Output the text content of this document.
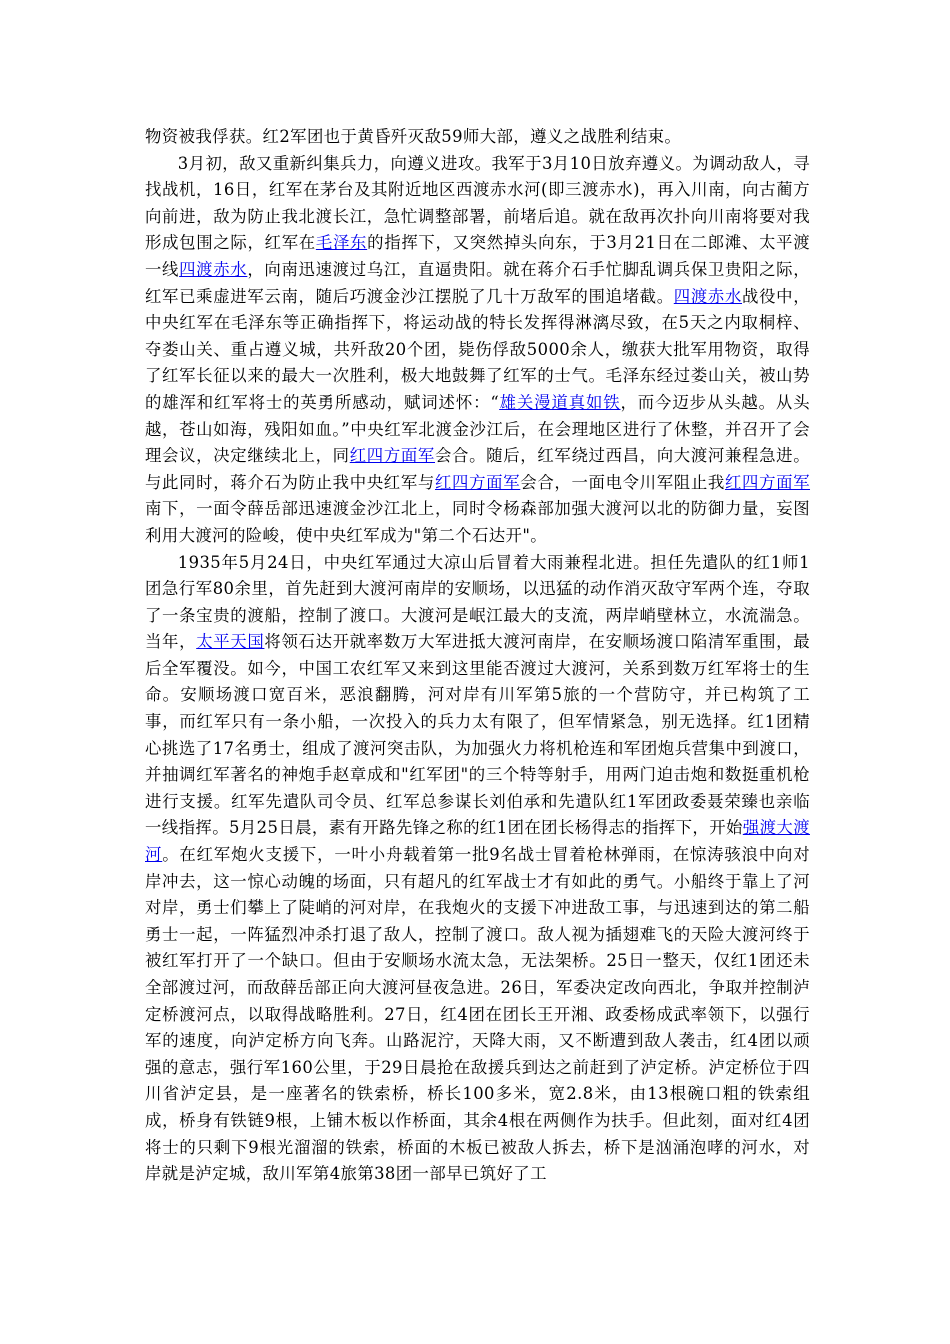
物资被我俘获。红2军团也于黄昏歼灭敌59师大部，遵义之战胜利结束。

3月初，敌又重新纠集兵力，向遵义进攻。我军于3月10日放弃遵义。为调动敌人，寻找战机，16日，红军在茅台及其附近地区西渡赤水河(即三渡赤水)，再入川南，向古蔺方向前进，敌为防止我北渡长江，急忙调整部署，前堵后追。就在敌再次扑向川南将要对我形成包围之际，红军在毛泽东的指挥下，又突然掉头向东，于3月21日在二郎滩、太平渡一线四渡赤水，向南迅速渡过乌江，直逼贵阳。就在蒋介石手忙脚乱调兵保卫贵阳之际，红军已乘虚进军云南，随后巧渡金沙江摆脱了几十万敌军的围追堵截。四渡赤水战役中，中央红军在毛泽东等正确指挥下，将运动战的特长发挥得淋漓尽致，在5天之内取桐梓、夺娄山关、重占遵义城，共歼敌20个团，毙伤俘敌5000余人，缴获大批军用物资，取得了红军长征以来的最大一次胜利，极大地鼓舞了红军的士气。毛泽东经过娄山关，被山势的雄浑和红军将士的英勇所感动，赋词述怀：“雄关漫道真如铁，而今迈步从头越。从头越，苍山如海，残阳如血。”中央红军北渡金沙江后，在会理地区进行了休整，并召开了会理会议，决定继续北上，同红四方面军会合。随后，红军绕过西昌，向大渡河兼程急进。与此同时，蒋介石为防止我中央红军与红四方面军会合，一面电令川军阻止我红四方面军南下，一面令薛岳部迅速渡金沙江北上，同时令杨森部加强大渡河以北的防御力量，妄图利用大渡河的险峻，使中央红军成为"第二个石达开"。

1935年5月24日，中央红军通过大凉山后冒着大雨兼程北进。担任先遣队的红1师1团急行军80余里，首先赶到大渡河南岸的安顺场，以迅猛的动作消灭敌守军两个连，夺取了一条宝贵的渡船，控制了渡口。大渡河是岷江最大的支流，两岸峭壁林立，水流湍急。当年，太平天国将领石达开就率数万大军进抵大渡河南岸，在安顺场渡口陷清军重围，最后全军覆没。如今，中国工农红军又来到这里能否渡过大渡河，关系到数万红军将士的生命。安顺场渡口宽百米，恶浪翻腾，河对岸有川军第5旅的一个营防守，并已构筑了工事，而红军只有一条小船，一次投入的兵力太有限了，但军情紧急，别无选择。红1团精心挑选了17名勇士，组成了渡河突击队，为加强火力将机枪连和军团炮兵营集中到渡口，并抽调红军著名的神炮手赵章成和"红军团"的三个特等射手，用两门迫击炮和数挺重机枪进行支援。红军先遣队司令员、红军总参谋长刘伯承和先遣队红1军团政委聂荣臻也亲临一线指挥。5月25日晨，素有开路先锋之称的红1团在团长杨得志的指挥下，开始强渡大渡河。在红军炮火支援下，一叶小舟载着第一批9名战士冒着枪林弹雨，在惊涛骇浪中向对岸冲去，这一惊心动魄的场面，只有超凡的红军战士才有如此的勇气。小船终于靠上了河对岸，勇士们攀上了陡峭的河对岸，在我炮火的支援下冲进敌工事，与迅速到达的第二船勇士一起，一阵猛烈冲杀打退了敌人，控制了渡口。敌人视为插翅难飞的天险大渡河终于被红军打开了一个缺口。但由于安顺场水流太急，无法架桥。25日一整天，仅红1团还未全部渡过河，而敌薛岳部正向大渡河昼夜急进。26日，军委决定改向西北，争取并控制泸定桥渡河点，以取得战略胜利。27日，红4团在团长王开湘、政委杨成武率领下，以强行军的速度，向泸定桥方向飞奔。山路泥泞，天降大雨，又不断遭到敌人袭击，红4团以顽强的意志，强行军160公里，于29日晨抢在敌援兵到达之前赶到了泸定桥。泸定桥位于四川省泸定县，是一座著名的铁索桥，桥长100多米，宽2.8米，由13根碗口粗的铁索组成，桥身有铁链9根，上铺木板以作桥面，其余4根在两侧作为扶手。但此刻，面对红4团将士的只剩下9根光溜溜的铁索，桥面的木板已被敌人拆去，桥下是汹涌泡哮的河水，对岸就是泸定城，敌川军第4旅第38团一部早已筑好了工
